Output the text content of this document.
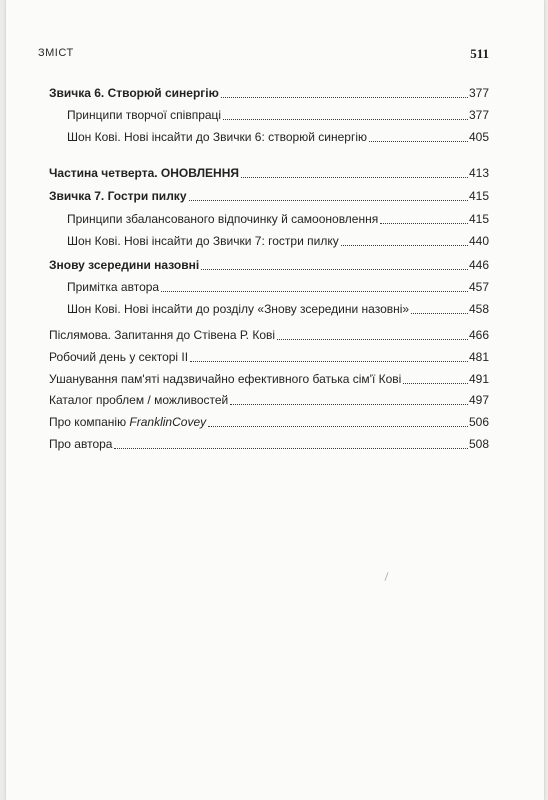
ЗМІСТ	511
Звичка 6. Створюй синергію	377
Принципи творчої співпраці	377
Шон Кові. Нові інсайти до Звички 6: створюй синергію	405
Частина четверта. ОНОВЛЕННЯ	413
Звичка 7. Гостри пилку	415
Принципи збалансованого відпочинку й самооновлення	415
Шон Кові. Нові інсайти до Звички 7: гостри пилку	440
Знову зсередини назовні	446
Примітка автора	457
Шон Кові. Нові інсайти до розділу «Знову зсередини назовні»	458
Післямова. Запитання до Стівена Р. Кові	466
Робочий день у секторі II	481
Ушанування пам'яті надзвичайно ефективного батька сім'ї Кові	491
Каталог проблем / можливостей	497
Про компанію FranklinCovey	506
Про автора	508
